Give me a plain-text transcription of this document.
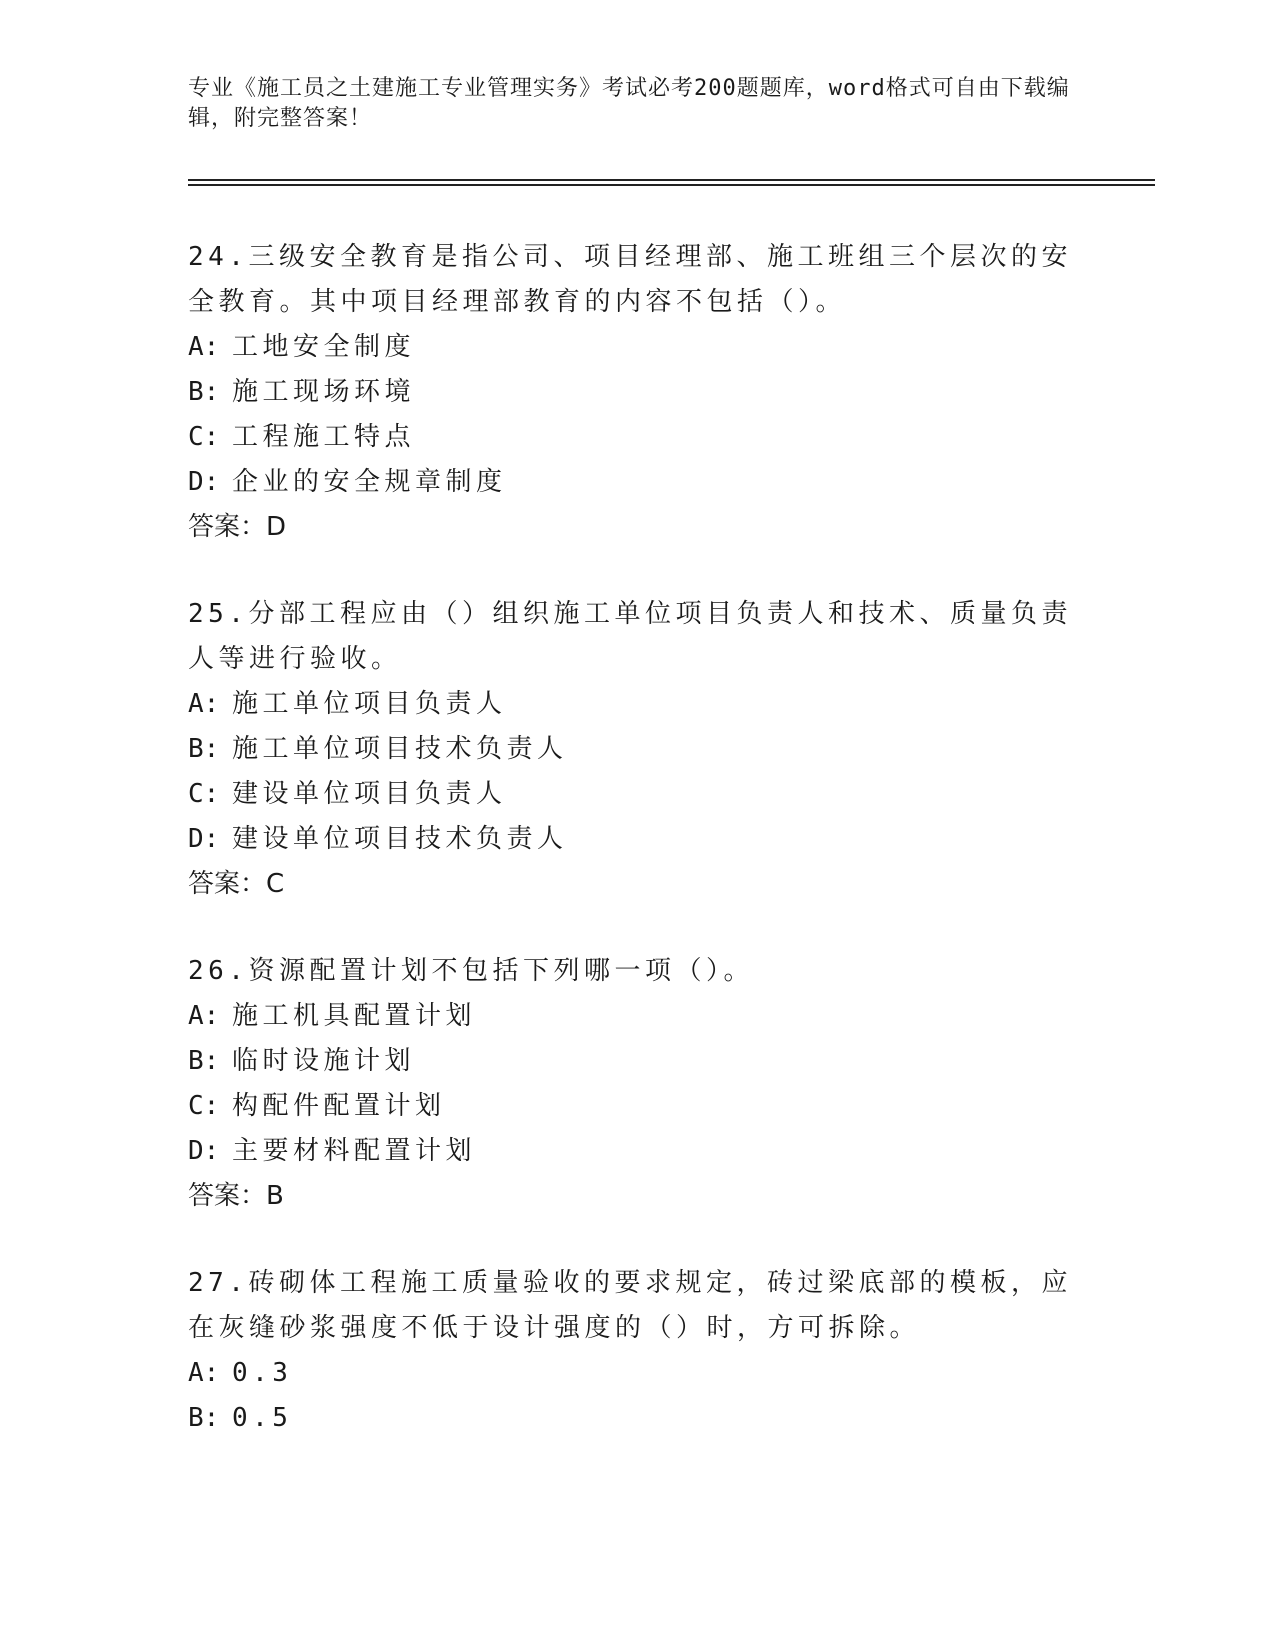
专业《施工员之土建施工专业管理实务》考试必考200题题库，word格式可自由下载编辑，附完整答案！

24.三级安全教育是指公司、项目经理部、施工班组三个层次的安全教育。其中项目经理部教育的内容不包括（）。

A: 工地安全制度

B: 施工现场环境

C: 工程施工特点

D: 企业的安全规章制度

答案：D

25.分部工程应由（）组织施工单位项目负责人和技术、质量负责人等进行验收。

A: 施工单位项目负责人

B: 施工单位项目技术负责人

C: 建设单位项目负责人

D: 建设单位项目技术负责人

答案：C

26.资源配置计划不包括下列哪一项（）。

A: 施工机具配置计划

B: 临时设施计划

C: 构配件配置计划

D: 主要材料配置计划

答案：B

27.砖砌体工程施工质量验收的要求规定，砖过梁底部的模板，应在灰缝砂浆强度不低于设计强度的（）时，方可拆除。

A: 0.3

B: 0.5
